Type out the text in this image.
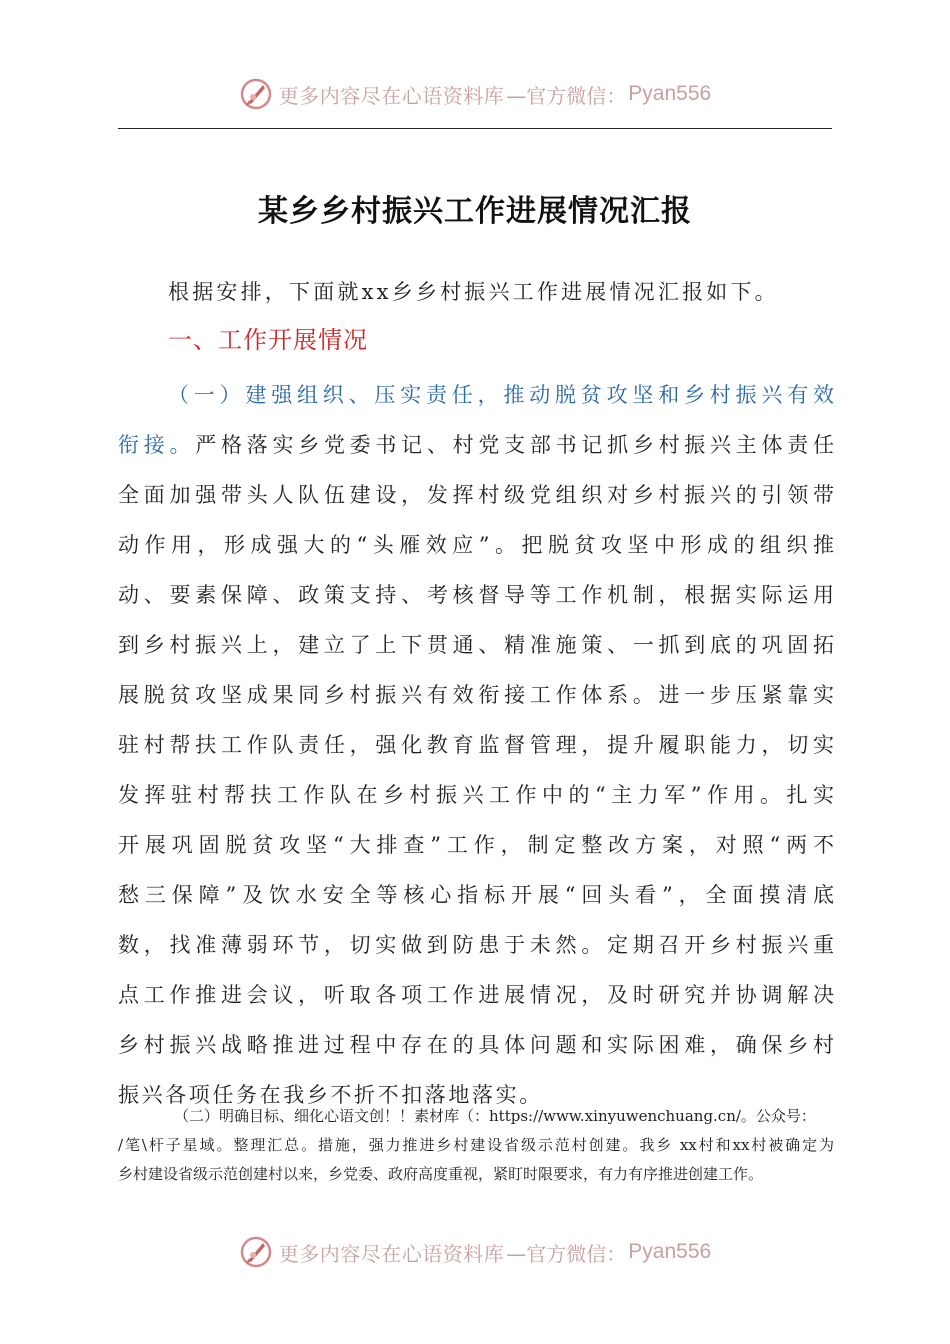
更多内容尽在心语资料库 —官方微信： Pyan556
某乡乡村振兴工作进展情况汇报
根据安排，下面就xx乡乡村振兴工作进展情况汇报如下。
一、工作开展情况
（一）建强组织、压实责任，推动脱贫攻坚和乡村振兴有效
衔接。严格落实乡党委书记、村党支部书记抓乡村振兴主体责任
全面加强带头人队伍建设，发挥村级党组织对乡村振兴的引领带
动作用，形成强大的“头雁效应”。把脱贫攻坚中形成的组织推
动、要素保障、政策支持、考核督导等工作机制，根据实际运用
到乡村振兴上，建立了上下贯通、精准施策、一抓到底的巩固拓
展脱贫攻坚成果同乡村振兴有效衔接工作体系。进一步压紧靠实
驻村帮扶工作队责任，强化教育监督管理，提升履职能力，切实
发挥驻村帮扶工作队在乡村振兴工作中的“主力军”作用。扎实
开展巩固脱贫攻坚“大排查”工作，制定整改方案，对照“两不
愁三保障”及饮水安全等核心指标开展“回头看”，全面摸清底
数，找准薄弱环节，切实做到防患于未然。定期召开乡村振兴重
点工作推进会议，听取各项工作进展情况，及时研究并协调解决
乡村振兴战略推进过程中存在的具体问题和实际困难，确保乡村
振兴各项任务在我乡不折不扣落地落实。
（二）明确目标、细化心语文创！！素材库（：https://www.xinyuwenchuang.cn/。公众号：
/笔\杆子星域。整理汇总。措施，强力推进乡村建设省级示范村创建。我乡 xx村和xx村被确定为
乡村建设省级示范创建村以来，乡党委、政府高度重视，紧盯时限要求，有力有序推进创建工作。
更多内容尽在心语资料库 —官方微信： Pyan556
